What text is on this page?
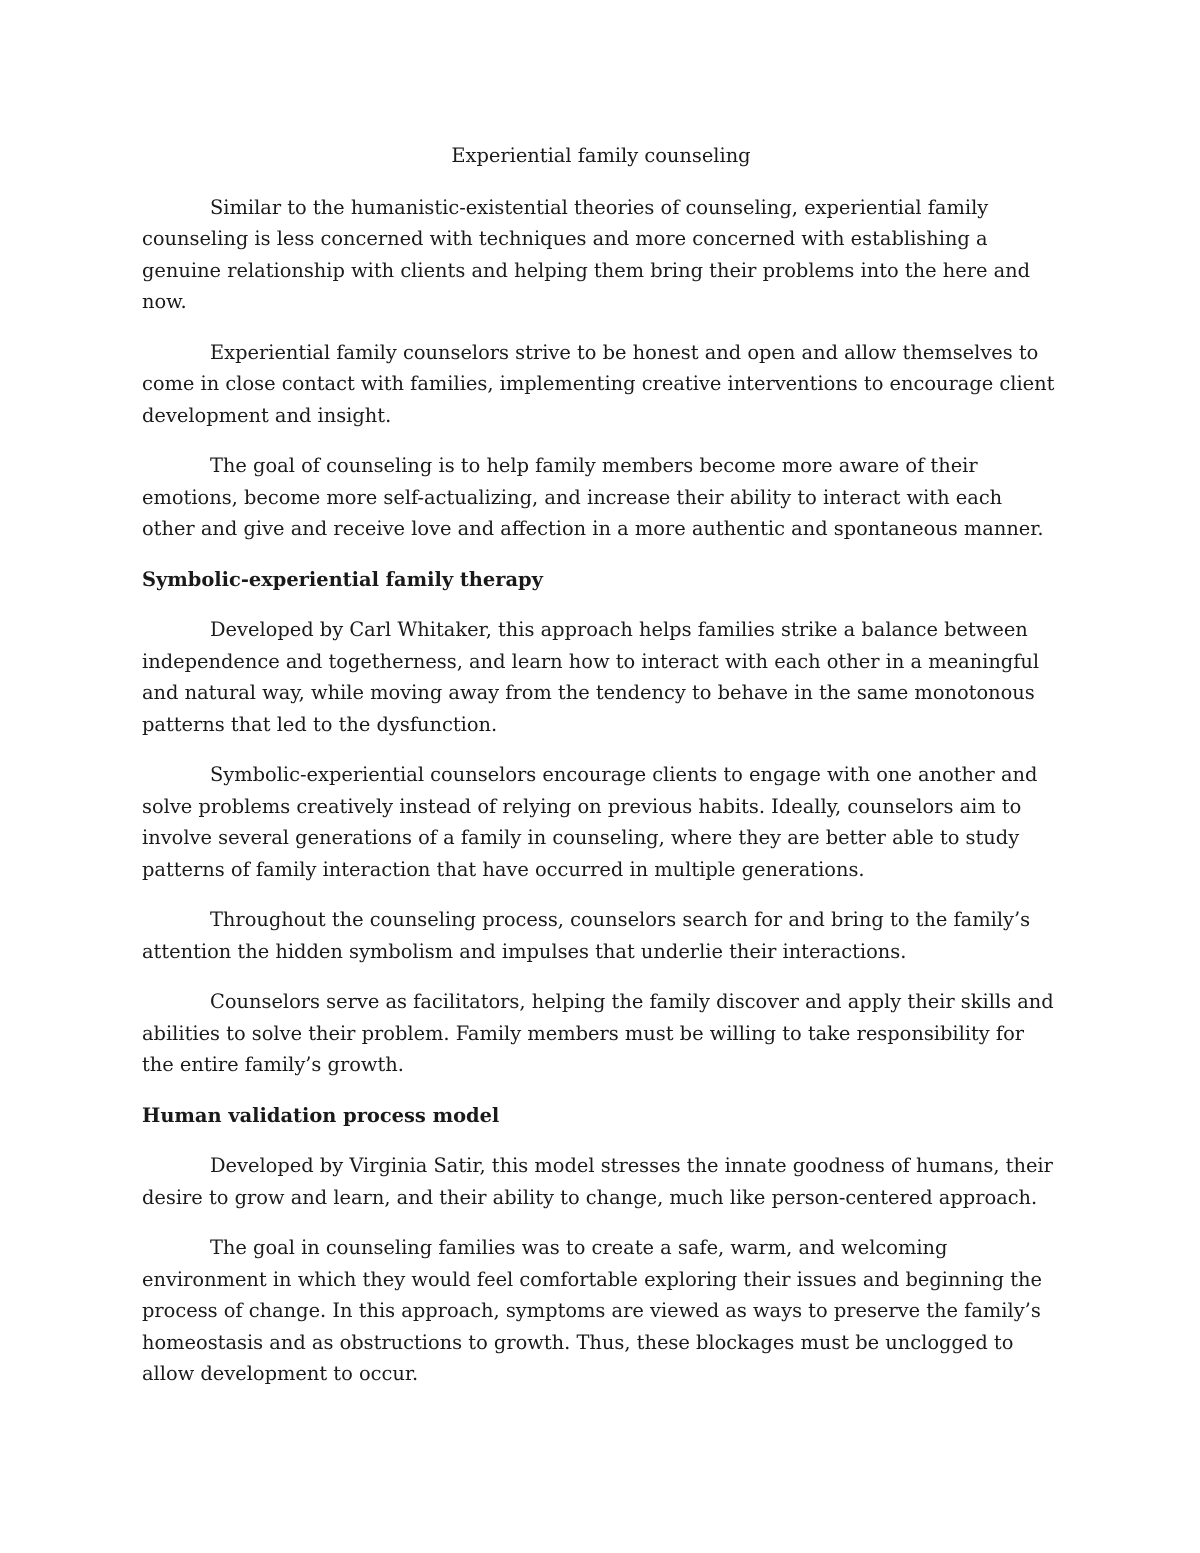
Experiential family counseling

Similar to the humanistic-existential theories of counseling, experiential family counseling is less concerned with techniques and more concerned with establishing a genuine relationship with clients and helping them bring their problems into the here and now.

Experiential family counselors strive to be honest and open and allow themselves to come in close contact with families, implementing creative interventions to encourage client development and insight.

The goal of counseling is to help family members become more aware of their emotions, become more self-actualizing, and increase their ability to interact with each other and give and receive love and affection in a more authentic and spontaneous manner.

Symbolic-experiential family therapy

Developed by Carl Whitaker, this approach helps families strike a balance between independence and togetherness, and learn how to interact with each other in a meaningful and natural way, while moving away from the tendency to behave in the same monotonous patterns that led to the dysfunction.

Symbolic-experiential counselors encourage clients to engage with one another and solve problems creatively instead of relying on previous habits. Ideally, counselors aim to involve several generations of a family in counseling, where they are better able to study patterns of family interaction that have occurred in multiple generations.

Throughout the counseling process, counselors search for and bring to the family’s attention the hidden symbolism and impulses that underlie their interactions.

Counselors serve as facilitators, helping the family discover and apply their skills and abilities to solve their problem. Family members must be willing to take responsibility for the entire family’s growth.

Human validation process model

Developed by Virginia Satir, this model stresses the innate goodness of humans, their desire to grow and learn, and their ability to change, much like person-centered approach.

The goal in counseling families was to create a safe, warm, and welcoming environment in which they would feel comfortable exploring their issues and beginning the process of change. In this approach, symptoms are viewed as ways to preserve the family’s homeostasis and as obstructions to growth. Thus, these blockages must be unclogged to allow development to occur.
